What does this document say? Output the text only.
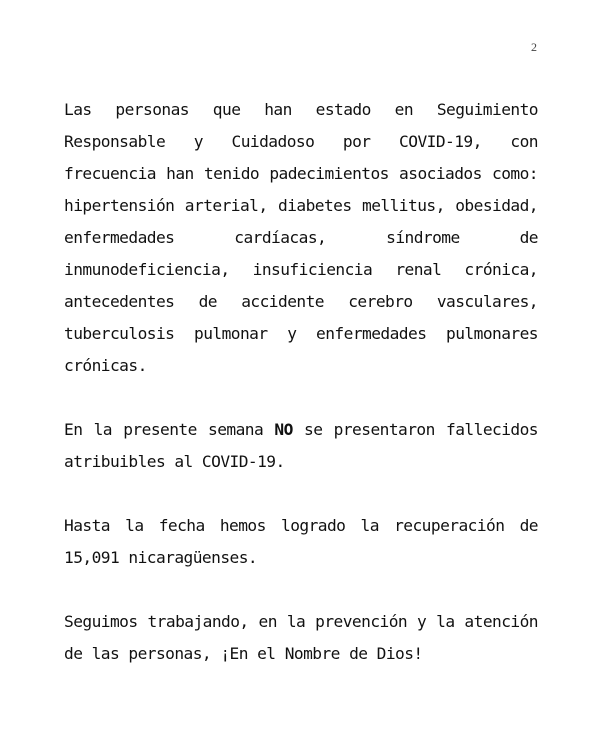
2

Las personas que han estado en Seguimiento Responsable y Cuidadoso por COVID-19, con frecuencia han tenido padecimientos asociados como: hipertensión arterial, diabetes mellitus, obesidad, enfermedades cardíacas, síndrome de inmunodeficiencia, insuficiencia renal crónica, antecedentes de accidente cerebro vasculares, tuberculosis pulmonar y enfermedades pulmonares crónicas.

En la presente semana NO se presentaron fallecidos atribuibles al COVID-19.

Hasta la fecha hemos logrado la recuperación de 15,091 nicaragüenses.

Seguimos trabajando, en la prevención y la atención de las personas, ¡En el Nombre de Dios!
